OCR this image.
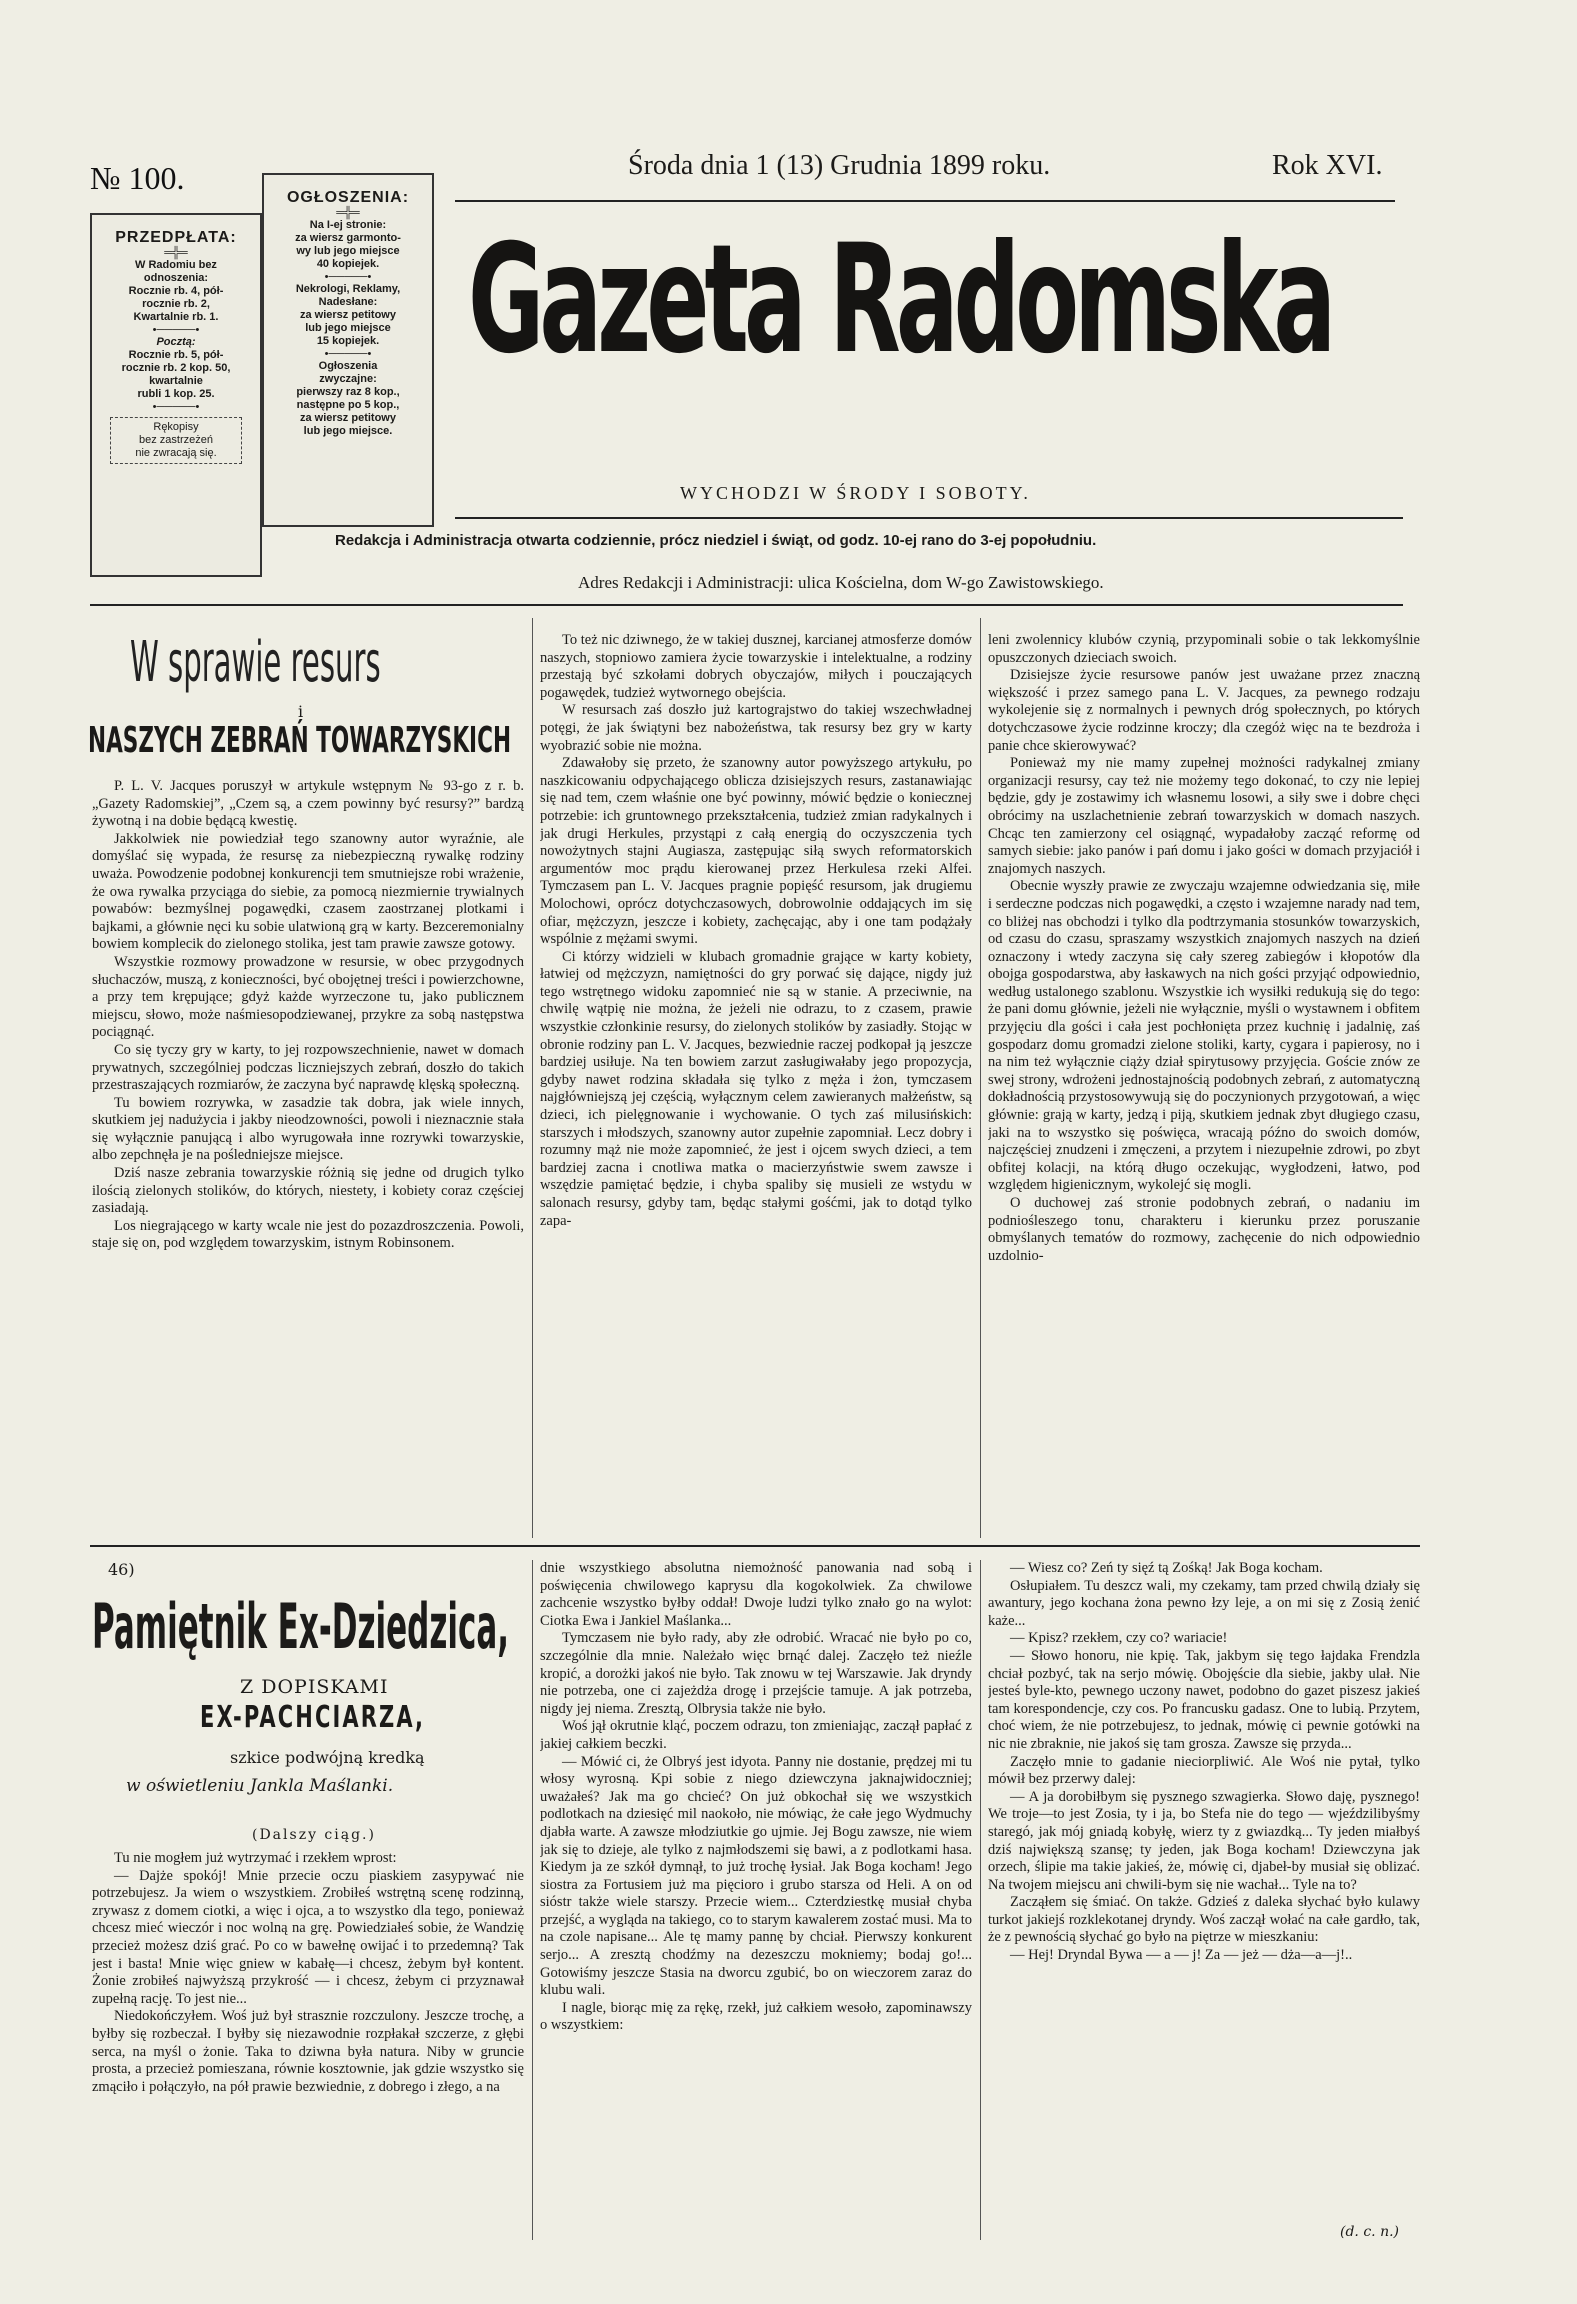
№ 100.	Środa dnia 1 (13) Grudnia 1899 roku.	Rok XVI.
PRZEDPŁATA:
═╬═
W Radomiu bez
odnoszenia:
Rocznie rb. 4, pół-
rocznie rb. 2,
Kwartalnie rb. 1.
•─────•
Pocztą:
Rocznie rb. 5, pół-
rocznie rb. 2 kop. 50,
kwartalnie
rubli 1 kop. 25.
•─────•
Rękopisy
bez zastrzeżeń
nie zwracają się.
OGŁOSZENIA:
═╬═
Na I-ej stronie:
za wiersz garmonto-
wy lub jego miejsce
40 kopiejek.
•─────•
Nekrologi, Reklamy,
Nadesłane:
za wiersz petitowy
lub jego miejsce
15 kopiejek.
•─────•
Ogłoszenia
zwyczajne:
pierwszy raz 8 kop.,
następne po 5 kop.,
za wiersz petitowy
lub jego miejsce.
Gazeta Radomska
WYCHODZI W ŚRODY I SOBOTY.
Redakcja i Administracja otwarta codziennie, prócz niedziel i świąt, od godz. 10-ej rano do 3-ej popołudniu.
Adres Redakcji i Administracji: ulica Kościelna, dom W-go Zawistowskiego.
W sprawie resurs
i
NASZYCH ZEBRAŃ TOWARZYSKICH

P. L. V. Jacques poruszył w artykule wstępnym № 93-go z r. b. „Gazety Radomskiej”, „Czem są, a czem powinny być resursy?” bardzą żywotną i na dobie będącą kwestię.

Jakkolwiek nie powiedział tego szanowny autor wyraźnie, ale domyślać się wypada, że resursę za niebezpieczną rywalkę rodziny uważa. Powodzenie podobnej konkurencji tem smutniejsze robi wrażenie, że owa rywalka przyciąga do siebie, za pomocą niezmiernie trywialnych powabów: bezmyślnej pogawędki, czasem zaostrzanej plotkami i bajkami, a głównie nęci ku sobie ulatwioną grą w karty. Bezceremonialny bowiem komplecik do zielonego stolika, jest tam prawie zawsze gotowy.

Wszystkie rozmowy prowadzone w resursie, w obec przygodnych słuchaczów, muszą, z konieczności, być obojętnej treści i powierzchowne, a przy tem krępujące; gdyż każde wyrzeczone tu, jako publicznem miejscu, słowo, może naśmiesopodziewanej, przykre za sobą następstwa pociągnąć.

Co się tyczy gry w karty, to jej rozpowszechnienie, nawet w domach prywatnych, szczególniej podczas liczniejszych zebrań, doszło do takich przestraszających rozmiarów, że zaczyna być naprawdę klęską społeczną.

Tu bowiem rozrywka, w zasadzie tak dobra, jak wiele innych, skutkiem jej nadużycia i jakby nieodzowności, powoli i nieznacznie stała się wyłącznie panującą i albo wyrugowała inne rozrywki towarzyskie, albo zepchnęła je na pośledniejsze miejsce.

Dziś nasze zebrania towarzyskie różnią się jedne od drugich tylko ilością zielonych stolików, do których, niestety, i kobiety coraz częściej zasiadają.

Los niegrającego w karty wcale nie jest do pozazdroszczenia. Powoli, staje się on, pod względem towarzyskim, istnym Robinsonem.

To też nic dziwnego, że w takiej dusznej, karcianej atmosferze domów naszych, stopniowo zamiera życie towarzyskie i intelektualne, a rodziny przestają być szkołami dobrych obyczajów, miłych i pouczających pogawędek, tudzież wytwornego obejścia.

W resursach zaś doszło już kartograjstwo do takiej wszechwładnej potęgi, że jak świątyni bez nabożeństwa, tak resursy bez gry w karty wyobrazić sobie nie można.

Zdawałoby się przeto, że szanowny autor powyższego artykułu, po naszkicowaniu odpychającego oblicza dzisiejszych resurs, zastanawiając się nad tem, czem właśnie one być powinny, mówić będzie o koniecznej potrzebie: ich gruntownego przekształcenia, tudzież zmian radykalnych i jak drugi Herkules, przystąpi z całą energią do oczyszczenia tych nowożytnych stajni Augiasza, zastępując siłą swych reformatorskich argumentów moc prądu kierowanej przez Herkulesa rzeki Alfei. Tymczasem pan L. V. Jacques pragnie popięść resursom, jak drugiemu Molochowi, oprócz dotychczasowych, dobrowolnie oddających im się ofiar, mężczyzn, jeszcze i kobiety, zachęcając, aby i one tam podążały wspólnie z mężami swymi.

Ci którzy widzieli w klubach gromadnie grające w karty kobiety, łatwiej od mężczyzn, namiętności do gry porwać się dające, nigdy już tego wstrętnego widoku zapomnieć nie są w stanie. A przeciwnie, na chwilę wątpię nie można, że jeżeli nie odrazu, to z czasem, prawie wszystkie członkinie resursy, do zielonych stolików by zasiadły. Stojąc w obronie rodziny pan L. V. Jacques, bezwiednie raczej podkopał ją jeszcze bardziej usiłuje. Na ten bowiem zarzut zasługiwałaby jego propozycja, gdyby nawet rodzina składała się tylko z męża i żon, tymczasem najgłówniejszą jej częścią, wyłącznym celem zawieranych małżeństw, są dzieci, ich pielęgnowanie i wychowanie. O tych zaś milusińskich: starszych i młodszych, szanowny autor zupełnie zapomniał. Lecz dobry i rozumny mąż nie może zapomnieć, że jest i ojcem swych dzieci, a tem bardziej zacna i cnotliwa matka o macierzyństwie swem zawsze i wszędzie pamiętać będzie, i chyba spaliby się musieli ze wstydu w salonach resursy, gdyby tam, będąc stałymi gośćmi, jak to dotąd tylko zapa-

leni zwolennicy klubów czynią, przypominali sobie o tak lekkomyślnie opuszczonych dzieciach swoich.

Dzisiejsze życie resursowe panów jest uważane przez znaczną większość i przez samego pana L. V. Jacques, za pewnego rodzaju wykolejenie się z normalnych i pewnych dróg społecznych, po których dotychczasowe życie rodzinne kroczy; dla czegóż więc na te bezdroża i panie chce skierowywać?

Ponieważ my nie mamy zupełnej możności radykalnej zmiany organizacji resursy, cay też nie możemy tego dokonać, to czy nie lepiej będzie, gdy je zostawimy ich własnemu losowi, a siły swe i dobre chęci obrócimy na uszlachetnienie zebrań towarzyskich w domach naszych. Chcąc ten zamierzony cel osiągnąć, wypadałoby zacząć reformę od samych siebie: jako panów i pań domu i jako gości w domach przyjaciół i znajomych naszych.

Obecnie wyszły prawie ze zwyczaju wzajemne odwiedzania się, miłe i serdeczne podczas nich pogawędki, a często i wzajemne narady nad tem, co bliżej nas obchodzi i tylko dla podtrzymania stosunków towarzyskich, od czasu do czasu, spraszamy wszystkich znajomych naszych na dzień oznaczony i wtedy zaczyna się cały szereg zabiegów i kłopotów dla obojga gospodarstwa, aby łaskawych na nich gości przyjąć odpowiednio, według ustalonego szablonu. Wszystkie ich wysiłki redukują się do tego: że pani domu głównie, jeżeli nie wyłącznie, myśli o wystawnem i obfitem przyjęciu dla gości i cała jest pochłonięta przez kuchnię i jadalnię, zaś gospodarz domu gromadzi zielone stoliki, karty, cygara i papierosy, no i na nim też wyłącznie ciąży dział spirytusowy przyjęcia. Goście znów ze swej strony, wdrożeni jednostajnością podobnych zebrań, z automatyczną dokładnością przystosowywują się do poczynionych przygotowań, a więc głównie: grają w karty, jedzą i piją, skutkiem jednak zbyt długiego czasu, jaki na to wszystko się poświęca, wracają późno do swoich domów, najczęściej znudzeni i zmęczeni, a przytem i niezupełnie zdrowi, po zbyt obfitej kolacji, na którą długo oczekując, wygłodzeni, łatwo, pod względem higienicznym, wykolejć się mogli.

O duchowej zaś stronie podobnych zebrań, o nadaniu im podniośleszego tonu, charakteru i kierunku przez poruszanie obmyślanych tematów do rozmowy, zachęcenie do nich odpowiednio uzdolnio-

46)
Pamiętnik Ex-Dziedzica,
Z DOPISKAMI
EX-PACHCIARZA,
szkice podwójną kredką
w oświetleniu Jankla Maślanki.
(Dalszy ciąg.)

Tu nie mogłem już wytrzymać i rzekłem wprost:

— Dajże spokój! Mnie przecie oczu piaskiem zasypywać nie potrzebujesz. Ja wiem o wszystkiem. Zrobiłeś wstrętną scenę rodzinną, zrywasz z domem ciotki, a więc i ojca, a to wszystko dla tego, ponieważ chcesz mieć wieczór i noc wolną na grę. Powiedziałeś sobie, że Wandzię przecież możesz dziś grać. Po co w bawełnę owijać i to przedemną? Tak jest i basta! Mnie więc gniew w kabałę—i chcesz, żebym był kontent. Żonie zrobiłeś najwyższą przykrość — i chcesz, żebym ci przyznawał zupełną rację. To jest nie...

Niedokończyłem. Woś już był strasznie rozczulony. Jeszcze trochę, a byłby się rozbeczał. I byłby się niezawodnie rozpłakał szczerze, z głębi serca, na myśl o żonie. Taka to dziwna była natura. Niby w gruncie prosta, a przecież pomieszana, równie kosztownie, jak gdzie wszystko się zmąciło i połączyło, na pół prawie bezwiednie, z dobrego i złego, a na

dnie wszystkiego absolutna niemożność panowania nad sobą i poświęcenia chwilowego kaprysu dla kogokolwiek. Za chwilowe zachcenie wszystko byłby oddał! Dwoje ludzi tylko znało go na wylot: Ciotka Ewa i Jankiel Maślanka...

Tymczasem nie było rady, aby złe odrobić. Wracać nie było po co, szczególnie dla mnie. Należało więc brnąć dalej. Zaczęło też nieźle kropić, a dorożki jakoś nie było. Tak znowu w tej Warszawie. Jak dryndy nie potrzeba, one ci zajeżdża drogę i przejście tamuje. A jak potrzeba, nigdy jej niema. Zresztą, Olbrysia także nie było.

Woś jął okrutnie kląć, poczem odrazu, ton zmieniając, zaczął papłać z jakiej całkiem beczki.

— Mówić ci, że Olbryś jest idyota. Panny nie dostanie, prędzej mi tu włosy wyrosną. Kpi sobie z niego dziewczyna jaknajwidoczniej; uważałeś? Jak ma go chcieć? On już obkochał się we wszystkich podlotkach na dziesięć mil naokoło, nie mówiąc, że całe jego Wydmuchy djabła warte. A zawsze młodziutkie go ujmie. Jej Bogu zawsze, nie wiem jak się to dzieje, ale tylko z najmłodszemi się bawi, a z podlotkami hasa. Kiedym ja ze szkół dymnął, to już trochę łysiał. Jak Boga kocham! Jego siostra za Fortusiem już ma pięcioro i grubo starsza od Heli. A on od sióstr także wiele starszy. Przecie wiem... Czterdziestkę musiał chyba przejść, a wygląda na takiego, co to starym kawalerem zostać musi. Ma to na czole napisane... Ale tę mamy pannę by chciał. Pierwszy konkurent serjo... A zresztą chodźmy na dezeszczu mokniemy; bodaj go!... Gotowiśmy jeszcze Stasia na dworcu zgubić, bo on wieczorem zaraz do klubu wali.

I nagle, biorąc mię za rękę, rzekł, już całkiem wesoło, zapominawszy o wszystkiem:

— Wiesz co? Zeń ty sięź tą Zośką! Jak Boga kocham.

Osłupiałem. Tu deszcz wali, my czekamy, tam przed chwilą działy się awantury, jego kochana żona pewno łzy leje, a on mi się z Zosią żenić każe...

— Kpisz? rzekłem, czy co? wariacie!

— Słowo honoru, nie kpię. Tak, jakbym się tego łajdaka Frendzla chciał pozbyć, tak na serjo mówię. Obojęście dla siebie, jakby ulał. Nie jesteś byle-kto, pewnego uczony nawet, podobno do gazet piszesz jakieś tam korespondencje, czy cos. Po francusku gadasz. One to lubią. Przytem, choć wiem, że nie potrzebujesz, to jednak, mówię ci pewnie gotówki na nic nie zbraknie, nie jakoś się tam grosza. Zawsze się przyda...

Zaczęło mnie to gadanie nieciorpliwić. Ale Woś nie pytał, tylko mówił bez przerwy dalej:

— A ja dorobiłbym się pysznego szwagierka. Słowo daję, pysznego! We troje—to jest Zosia, ty i ja, bo Stefa nie do tego — wjeździlibyśmy staregó, jak mój gniadą kobyłę, wierz ty z gwiazdką... Ty jeden miałbyś dziś największą szansę; ty jeden, jak Boga kocham! Dziewczyna jak orzech, ślipie ma takie jakieś, że, mówię ci, djabeł-by musiał się oblizać. Na twojem miejscu ani chwili-bym się nie wachał... Tyle na to?

Zacząłem się śmiać. On także. Gdzieś z daleka słychać było kulawy turkot jakiejś rozklekotanej dryndy. Woś zaczął wołać na całe gardło, tak, że z pewnością słychać go było na piętrze w mieszkaniu:

— Hej! Dryndal Bywa — a — j! Za — jeż — dża—a—j!..

(d. c. n.)
